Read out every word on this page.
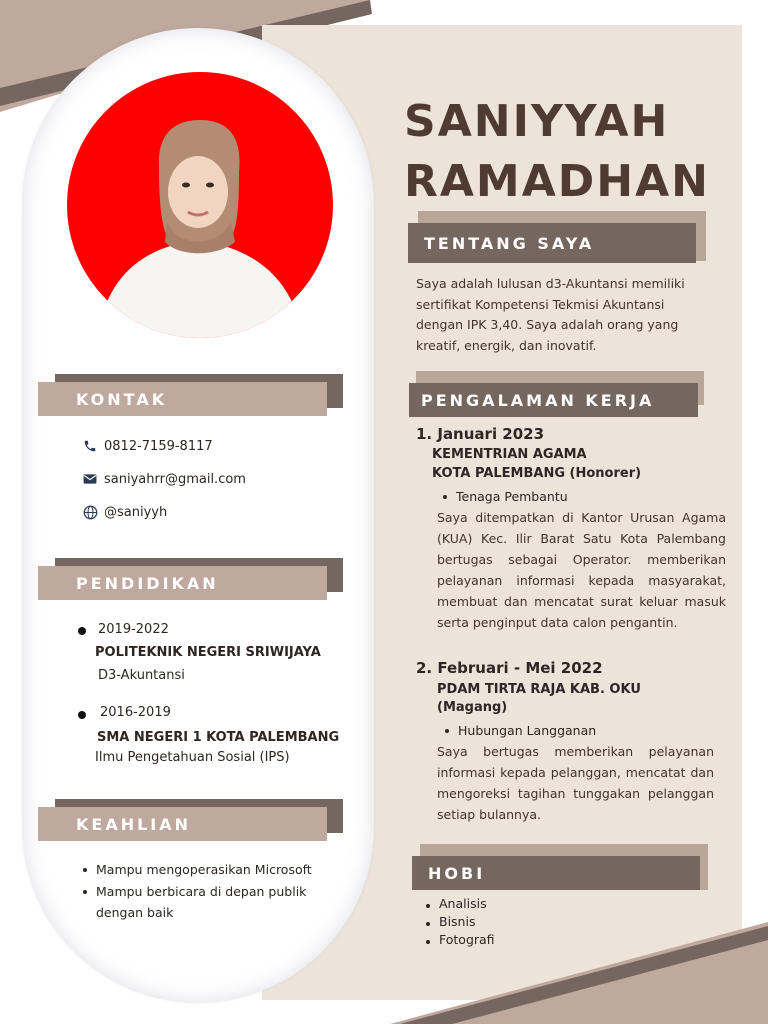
SANIYYAH
RAMADHAN
TENTANG SAYA
Saya adalah lulusan d3-Akuntansi memiliki sertifikat Kompetensi Tekmisi Akuntansi dengan IPK 3,40. Saya adalah orang yang kreatif, energik, dan inovatif.
KONTAK
0812-7159-8117
saniyahrr@gmail.com
@saniyyh
PENDIDIKAN
2019-2022
POLITEKNIK NEGERI SRIWIJAYA
D3-Akuntansi
2016-2019
SMA NEGERI 1 KOTA PALEMBANG
Ilmu Pengetahuan Sosial (IPS)
KEAHLIAN
Mampu mengoperasikan Microsoft
Mampu berbicara di depan publik dengan baik
PENGALAMAN KERJA
1. Januari 2023
KEMENTRIAN AGAMA
KOTA PALEMBANG (Honorer)
Tenaga Pembantu
Saya ditempatkan di Kantor Urusan Agama (KUA) Kec. Ilir Barat Satu Kota Palembang bertugas sebagai Operator. memberikan pelayanan informasi kepada masyarakat, membuat dan mencatat surat keluar masuk serta penginput data calon pengantin.
2. Februari - Mei 2022
PDAM TIRTA RAJA KAB. OKU
(Magang)
Hubungan Langganan
Saya bertugas memberikan pelayanan informasi kepada pelanggan, mencatat dan mengoreksi tagihan tunggakan pelanggan setiap bulannya.
HOBI
Analisis
Bisnis
Fotografi
